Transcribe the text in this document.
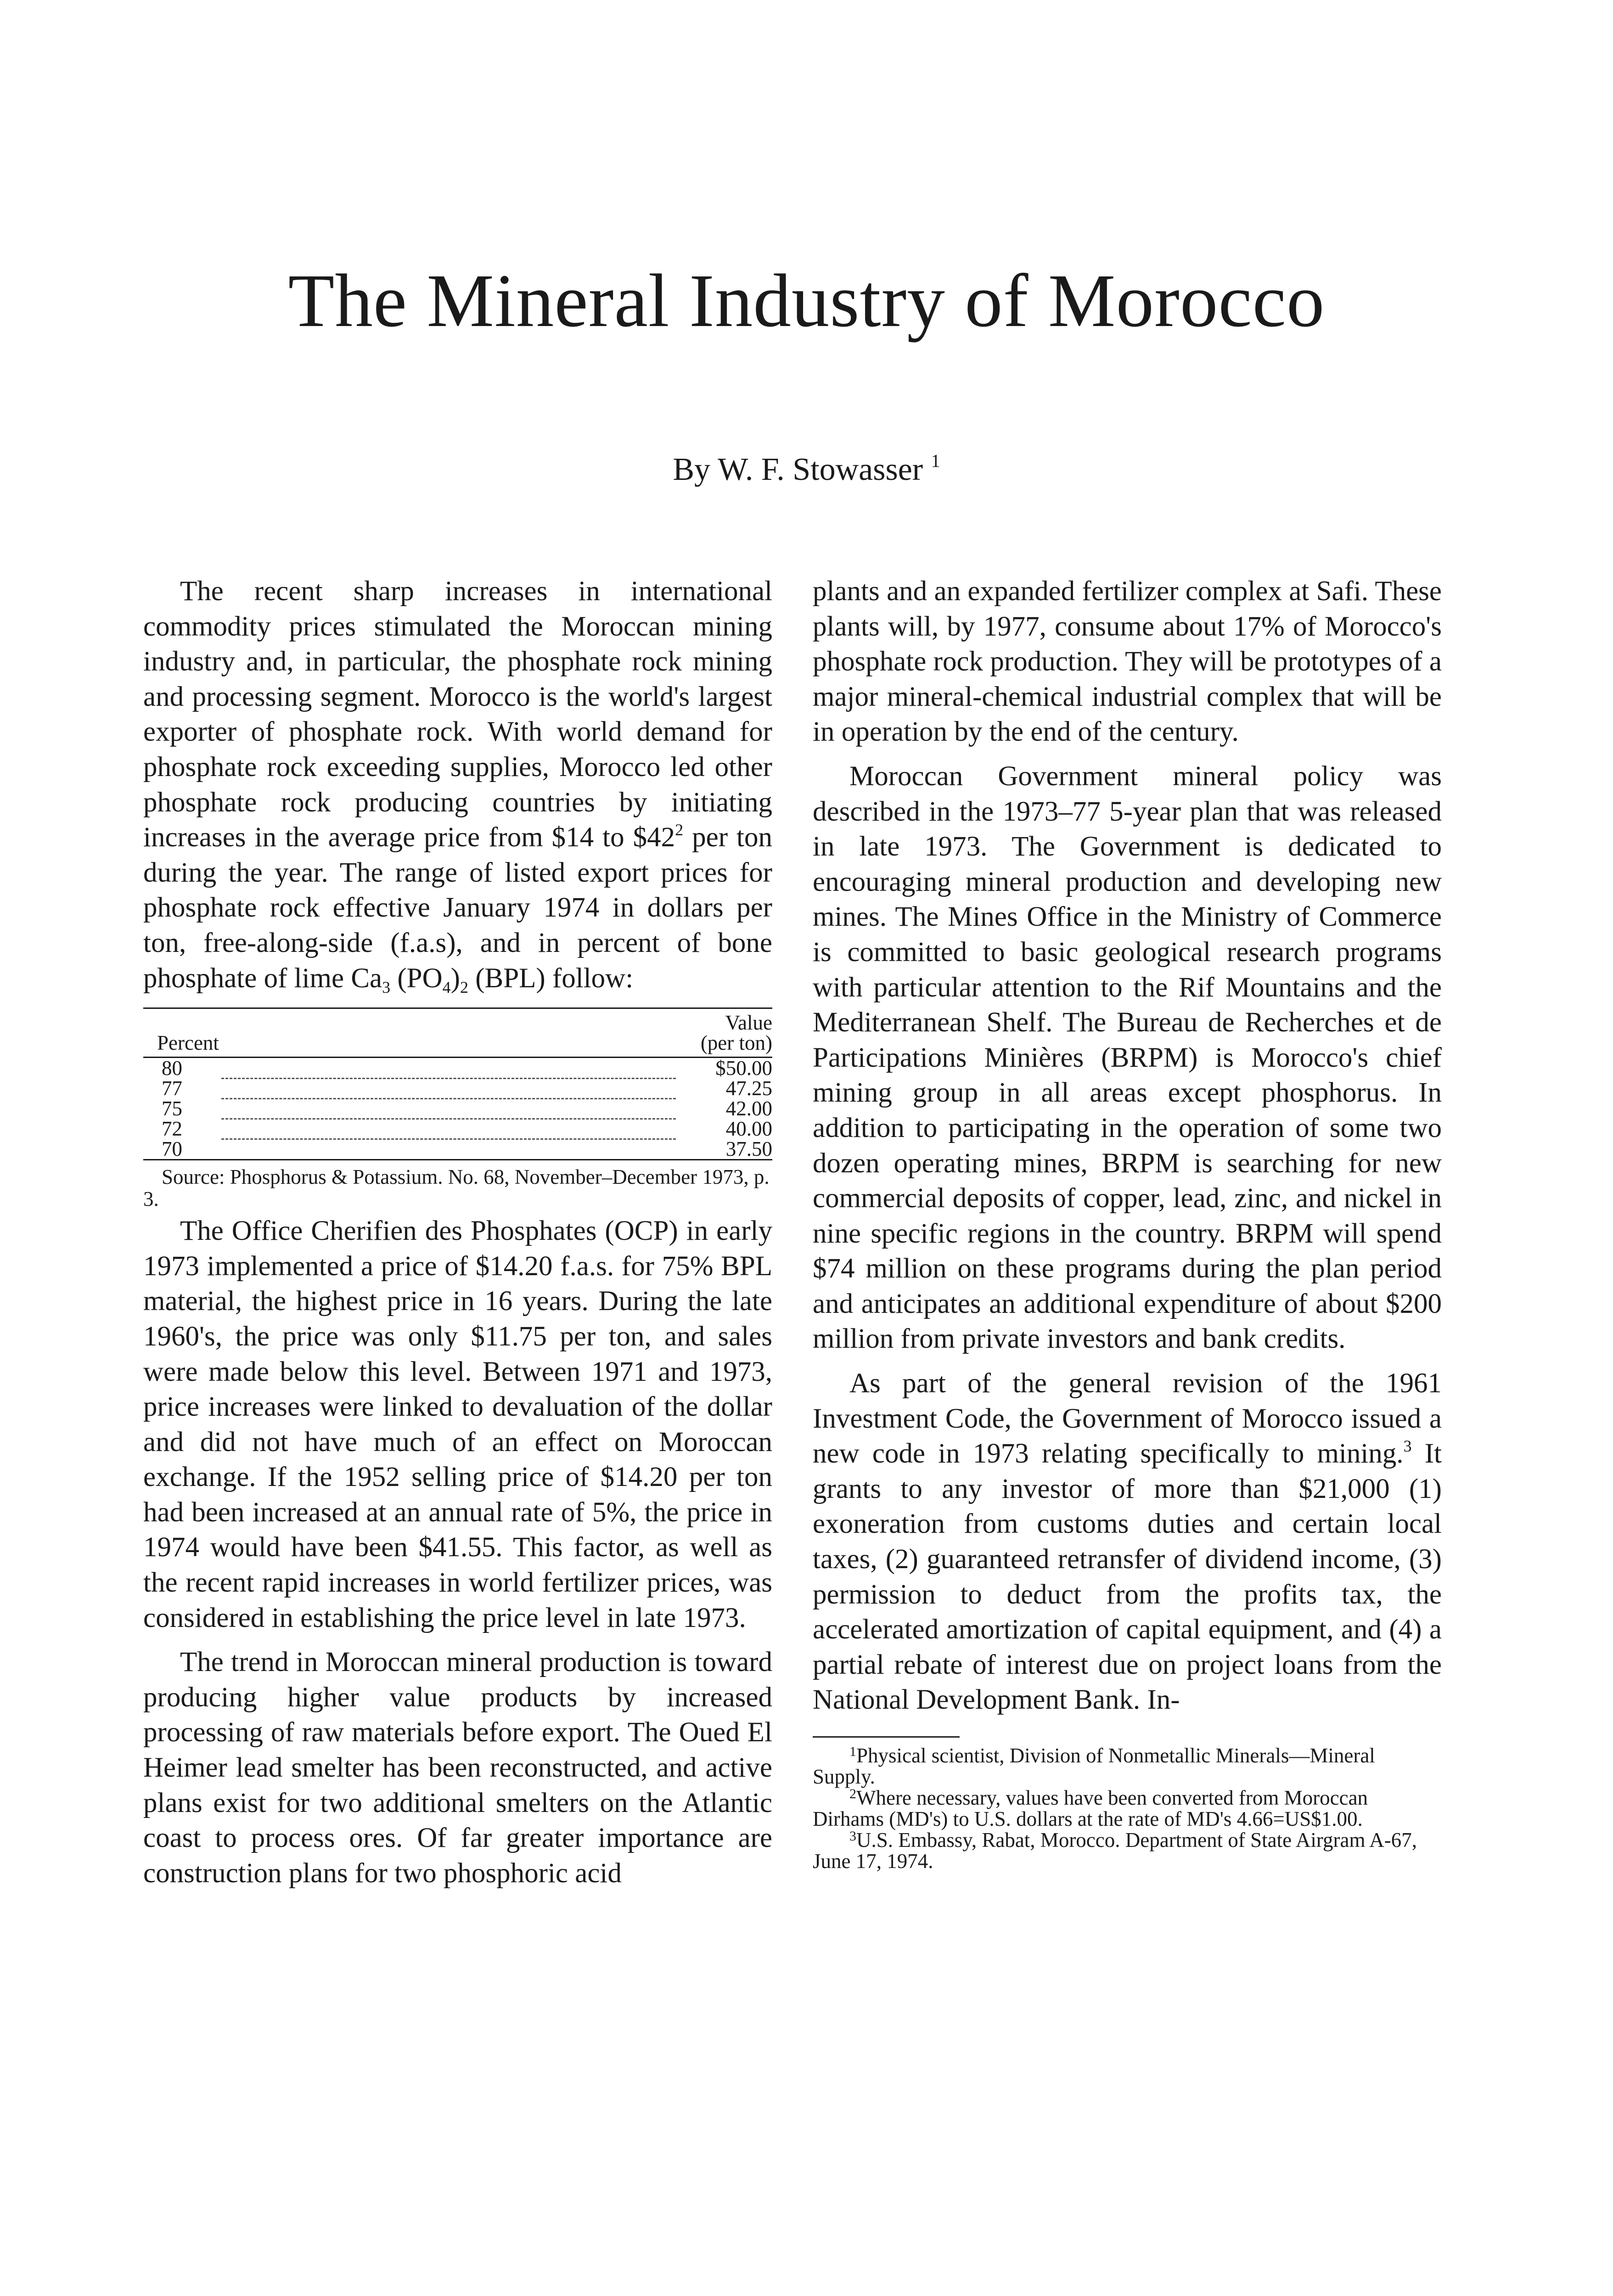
The Mineral Industry of Morocco
By W. F. Stowasser $^1$

The recent sharp increases in international commodity prices stimulated the Moroccan mining industry and, in particular, the phosphate rock mining and processing segment. Morocco is the world's largest exporter of phosphate rock. With world demand for phosphate rock exceeding supplies, Morocco led other phosphate rock producing countries by initiating increases in the average price from $14 to $\$42^2$ per ton during the year. The range of listed export prices for phosphate rock effective January 1974 in dollars per ton, free-along-side (f.a.s), and in percent of bone phosphate of lime $Ca_3$ $(PO_4)_2$ (BPL) follow:

Percent		Value
(per ton)
80		$50.00
77		47.25
75		42.00
72		40.00
70		37.50
Source: Phosphorus & Potassium. No. 68, November–December 1973, p. 3.

The Office Cherifien des Phosphates (OCP) in early 1973 implemented a price of $14.20 f.a.s. for 75% BPL material, the highest price in 16 years. During the late 1960's, the price was only $11.75 per ton, and sales were made below this level. Between 1971 and 1973, price increases were linked to devaluation of the dollar and did not have much of an effect on Moroccan exchange. If the 1952 selling price of $14.20 per ton had been increased at an annual rate of 5%, the price in 1974 would have been $41.55. This factor, as well as the recent rapid increases in world fertilizer prices, was considered in establishing the price level in late 1973.

The trend in Moroccan mineral production is toward producing higher value products by increased processing of raw materials before export. The Oued El Heimer lead smelter has been reconstructed, and active plans exist for two additional smelters on the Atlantic coast to process ores. Of far greater importance are construction plans for two phosphoric acid

plants and an expanded fertilizer complex at Safi. These plants will, by 1977, consume about 17% of Morocco's phosphate rock production. They will be prototypes of a major mineral-chemical industrial complex that will be in operation by the end of the century.

Moroccan Government mineral policy was described in the 1973–77 5-year plan that was released in late 1973. The Government is dedicated to encouraging mineral production and developing new mines. The Mines Office in the Ministry of Commerce is committed to basic geological research programs with particular attention to the Rif Mountains and the Mediterranean Shelf. The Bureau de Recherches et de Participations Minières (BRPM) is Morocco's chief mining group in all areas except phosphorus. In addition to participating in the operation of some two dozen operating mines, BRPM is searching for new commercial deposits of copper, lead, zinc, and nickel in nine specific regions in the country. BRPM will spend $74 million on these programs during the plan period and anticipates an additional expenditure of about $200 million from private investors and bank credits.

As part of the general revision of the 1961 Investment Code, the Government of Morocco issued a new code in 1973 relating specifically to mining.$^3$ It grants to any investor of more than $21,000 (1) exoneration from customs duties and certain local taxes, (2) guaranteed retransfer of dividend income, (3) permission to deduct from the profits tax, the accelerated amortization of capital equipment, and (4) a partial rebate of interest due on project loans from the National Development Bank. In-

$^1$Physical scientist, Division of Nonmetallic Minerals—Mineral Supply.

$^2$Where necessary, values have been converted from Moroccan Dirhams (MD's) to U.S. dollars at the rate of MD's 4.66=US$1.00.

$^3$U.S. Embassy, Rabat, Morocco. Department of State Airgram A-67, June 17, 1974.
